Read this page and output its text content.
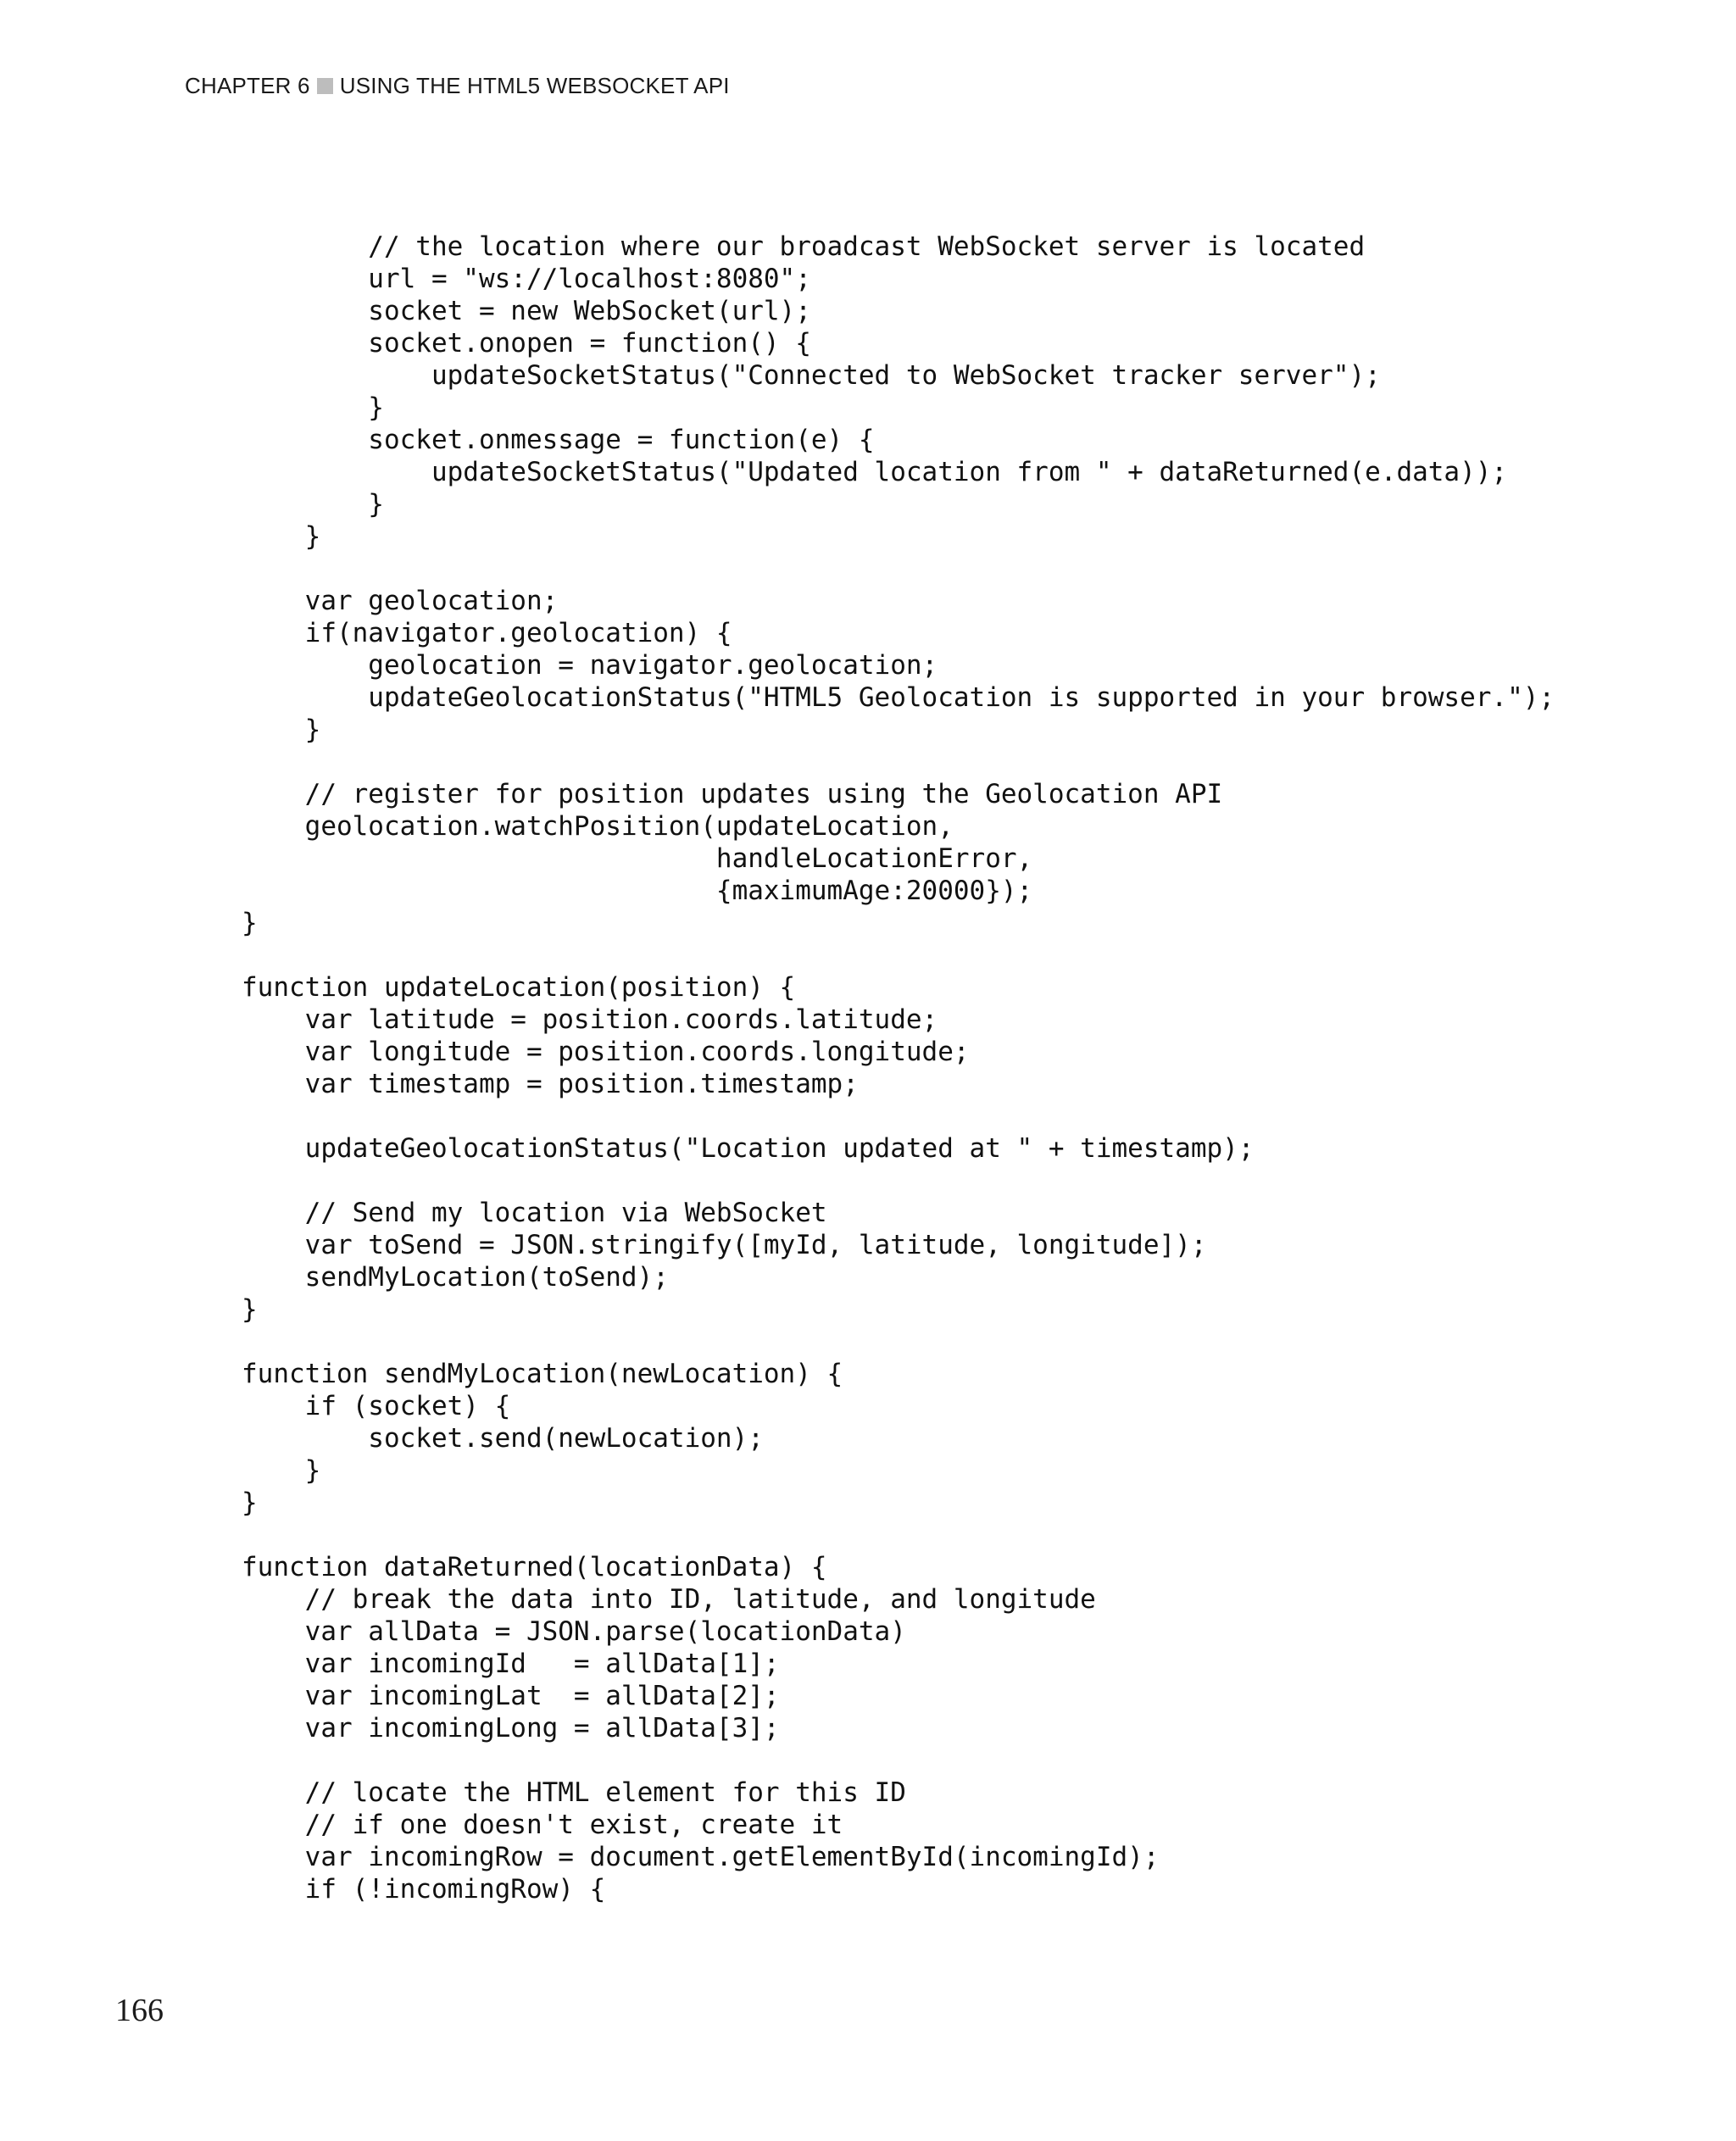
CHAPTER 6 USING THE HTML5 WEBSOCKET API
// the location where our broadcast WebSocket server is located
url = "ws://localhost:8080";
socket = new WebSocket(url);
socket.onopen = function() {
updateSocketStatus("Connected to WebSocket tracker server");
}
socket.onmessage = function(e) {
updateSocketStatus("Updated location from " + dataReturned(e.data));
}
}
var geolocation;
if(navigator.geolocation) {
geolocation = navigator.geolocation;
updateGeolocationStatus("HTML5 Geolocation is supported in your browser.");
}
// register for position updates using the Geolocation API
geolocation.watchPosition(updateLocation,
handleLocationError,
{maximumAge:20000});
}
function updateLocation(position) {
var latitude = position.coords.latitude;
var longitude = position.coords.longitude;
var timestamp = position.timestamp;
updateGeolocationStatus("Location updated at " + timestamp);
// Send my location via WebSocket
var toSend = JSON.stringify([myId, latitude, longitude]);
sendMyLocation(toSend);
}
function sendMyLocation(newLocation) {
if (socket) {
socket.send(newLocation);
}
}
function dataReturned(locationData) {
// break the data into ID, latitude, and longitude
var allData = JSON.parse(locationData)
var incomingId   = allData[1];
var incomingLat  = allData[2];
var incomingLong = allData[3];
// locate the HTML element for this ID
// if one doesn't exist, create it
var incomingRow = document.getElementById(incomingId);
if (!incomingRow) {
166
